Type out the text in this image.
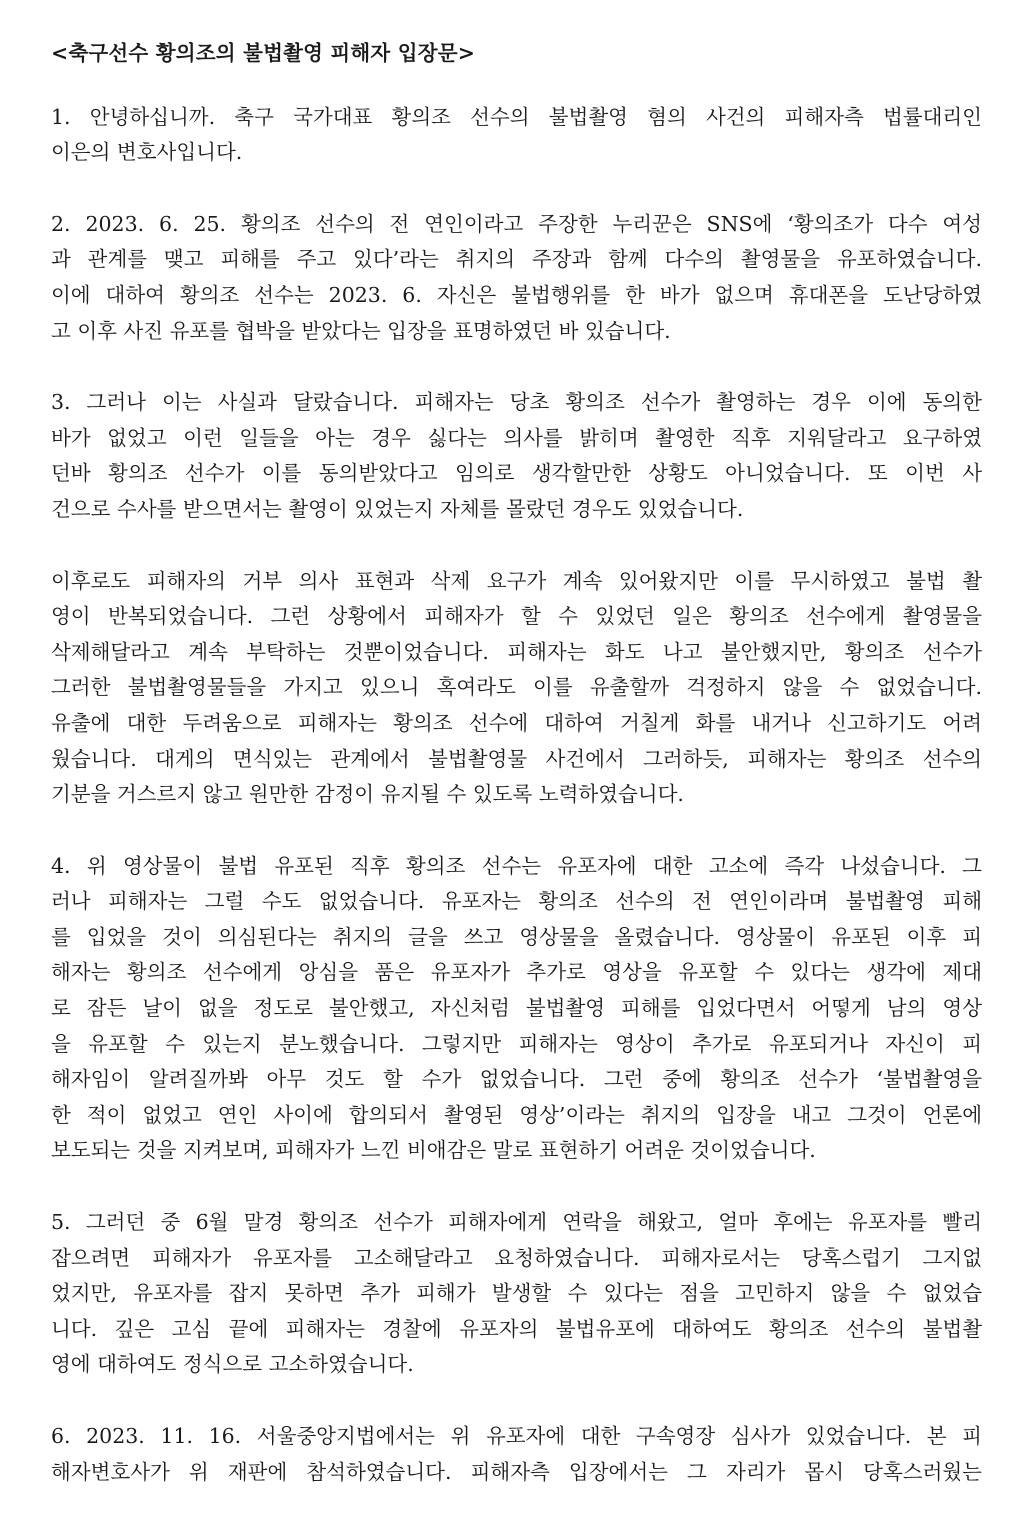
<축구선수 황의조의 불법촬영 피해자 입장문>
1. 안녕하십니까. 축구 국가대표 황의조 선수의 불법촬영 혐의 사건의 피해자측 법률대리인
이은의 변호사입니다.
2. 2023. 6. 25. 황의조 선수의 전 연인이라고 주장한 누리꾼은 SNS에 ‘황의조가 다수 여성
과 관계를 맺고 피해를 주고 있다’라는 취지의 주장과 함께 다수의 촬영물을 유포하였습니다.
이에 대하여 황의조 선수는 2023. 6. 자신은 불법행위를 한 바가 없으며 휴대폰을 도난당하였
고 이후 사진 유포를 협박을 받았다는 입장을 표명하였던 바 있습니다.
3. 그러나 이는 사실과 달랐습니다. 피해자는 당초 황의조 선수가 촬영하는 경우 이에 동의한
바가 없었고 이런 일들을 아는 경우 싫다는 의사를 밝히며 촬영한 직후 지워달라고 요구하였
던바 황의조 선수가 이를 동의받았다고 임의로 생각할만한 상황도 아니었습니다. 또 이번 사
건으로 수사를 받으면서는 촬영이 있었는지 자체를 몰랐던 경우도 있었습니다.
이후로도 피해자의 거부 의사 표현과 삭제 요구가 계속 있어왔지만 이를 무시하였고 불법 촬
영이 반복되었습니다. 그런 상황에서 피해자가 할 수 있었던 일은 황의조 선수에게 촬영물을
삭제해달라고 계속 부탁하는 것뿐이었습니다. 피해자는 화도 나고 불안했지만, 황의조 선수가
그러한 불법촬영물들을 가지고 있으니 혹여라도 이를 유출할까 걱정하지 않을 수 없었습니다.
유출에 대한 두려움으로 피해자는 황의조 선수에 대하여 거칠게 화를 내거나 신고하기도 어려
웠습니다. 대게의 면식있는 관계에서 불법촬영물 사건에서 그러하듯, 피해자는 황의조 선수의
기분을 거스르지 않고 원만한 감정이 유지될 수 있도록 노력하였습니다.
4. 위 영상물이 불법 유포된 직후 황의조 선수는 유포자에 대한 고소에 즉각 나섰습니다. 그
러나 피해자는 그럴 수도 없었습니다. 유포자는 황의조 선수의 전 연인이라며 불법촬영 피해
를 입었을 것이 의심된다는 취지의 글을 쓰고 영상물을 올렸습니다. 영상물이 유포된 이후 피
해자는 황의조 선수에게 앙심을 품은 유포자가 추가로 영상을 유포할 수 있다는 생각에 제대
로 잠든 날이 없을 정도로 불안했고, 자신처럼 불법촬영 피해를 입었다면서 어떻게 남의 영상
을 유포할 수 있는지 분노했습니다. 그렇지만 피해자는 영상이 추가로 유포되거나 자신이 피
해자임이 알려질까봐 아무 것도 할 수가 없었습니다. 그런 중에 황의조 선수가 ‘불법촬영을
한 적이 없었고 연인 사이에 합의되서 촬영된 영상’이라는 취지의 입장을 내고 그것이 언론에
보도되는 것을 지켜보며, 피해자가 느낀 비애감은 말로 표현하기 어려운 것이었습니다.
5. 그러던 중 6월 말경 황의조 선수가 피해자에게 연락을 해왔고, 얼마 후에는 유포자를 빨리
잡으려면 피해자가 유포자를 고소해달라고 요청하였습니다. 피해자로서는 당혹스럽기 그지없
었지만, 유포자를 잡지 못하면 추가 피해가 발생할 수 있다는 점을 고민하지 않을 수 없었습
니다. 깊은 고심 끝에 피해자는 경찰에 유포자의 불법유포에 대하여도 황의조 선수의 불법촬
영에 대하여도 정식으로 고소하였습니다.
6. 2023. 11. 16. 서울중앙지법에서는 위 유포자에 대한 구속영장 심사가 있었습니다. 본 피
해자변호사가 위 재판에 참석하였습니다. 피해자측 입장에서는 그 자리가 몹시 당혹스러웠는
